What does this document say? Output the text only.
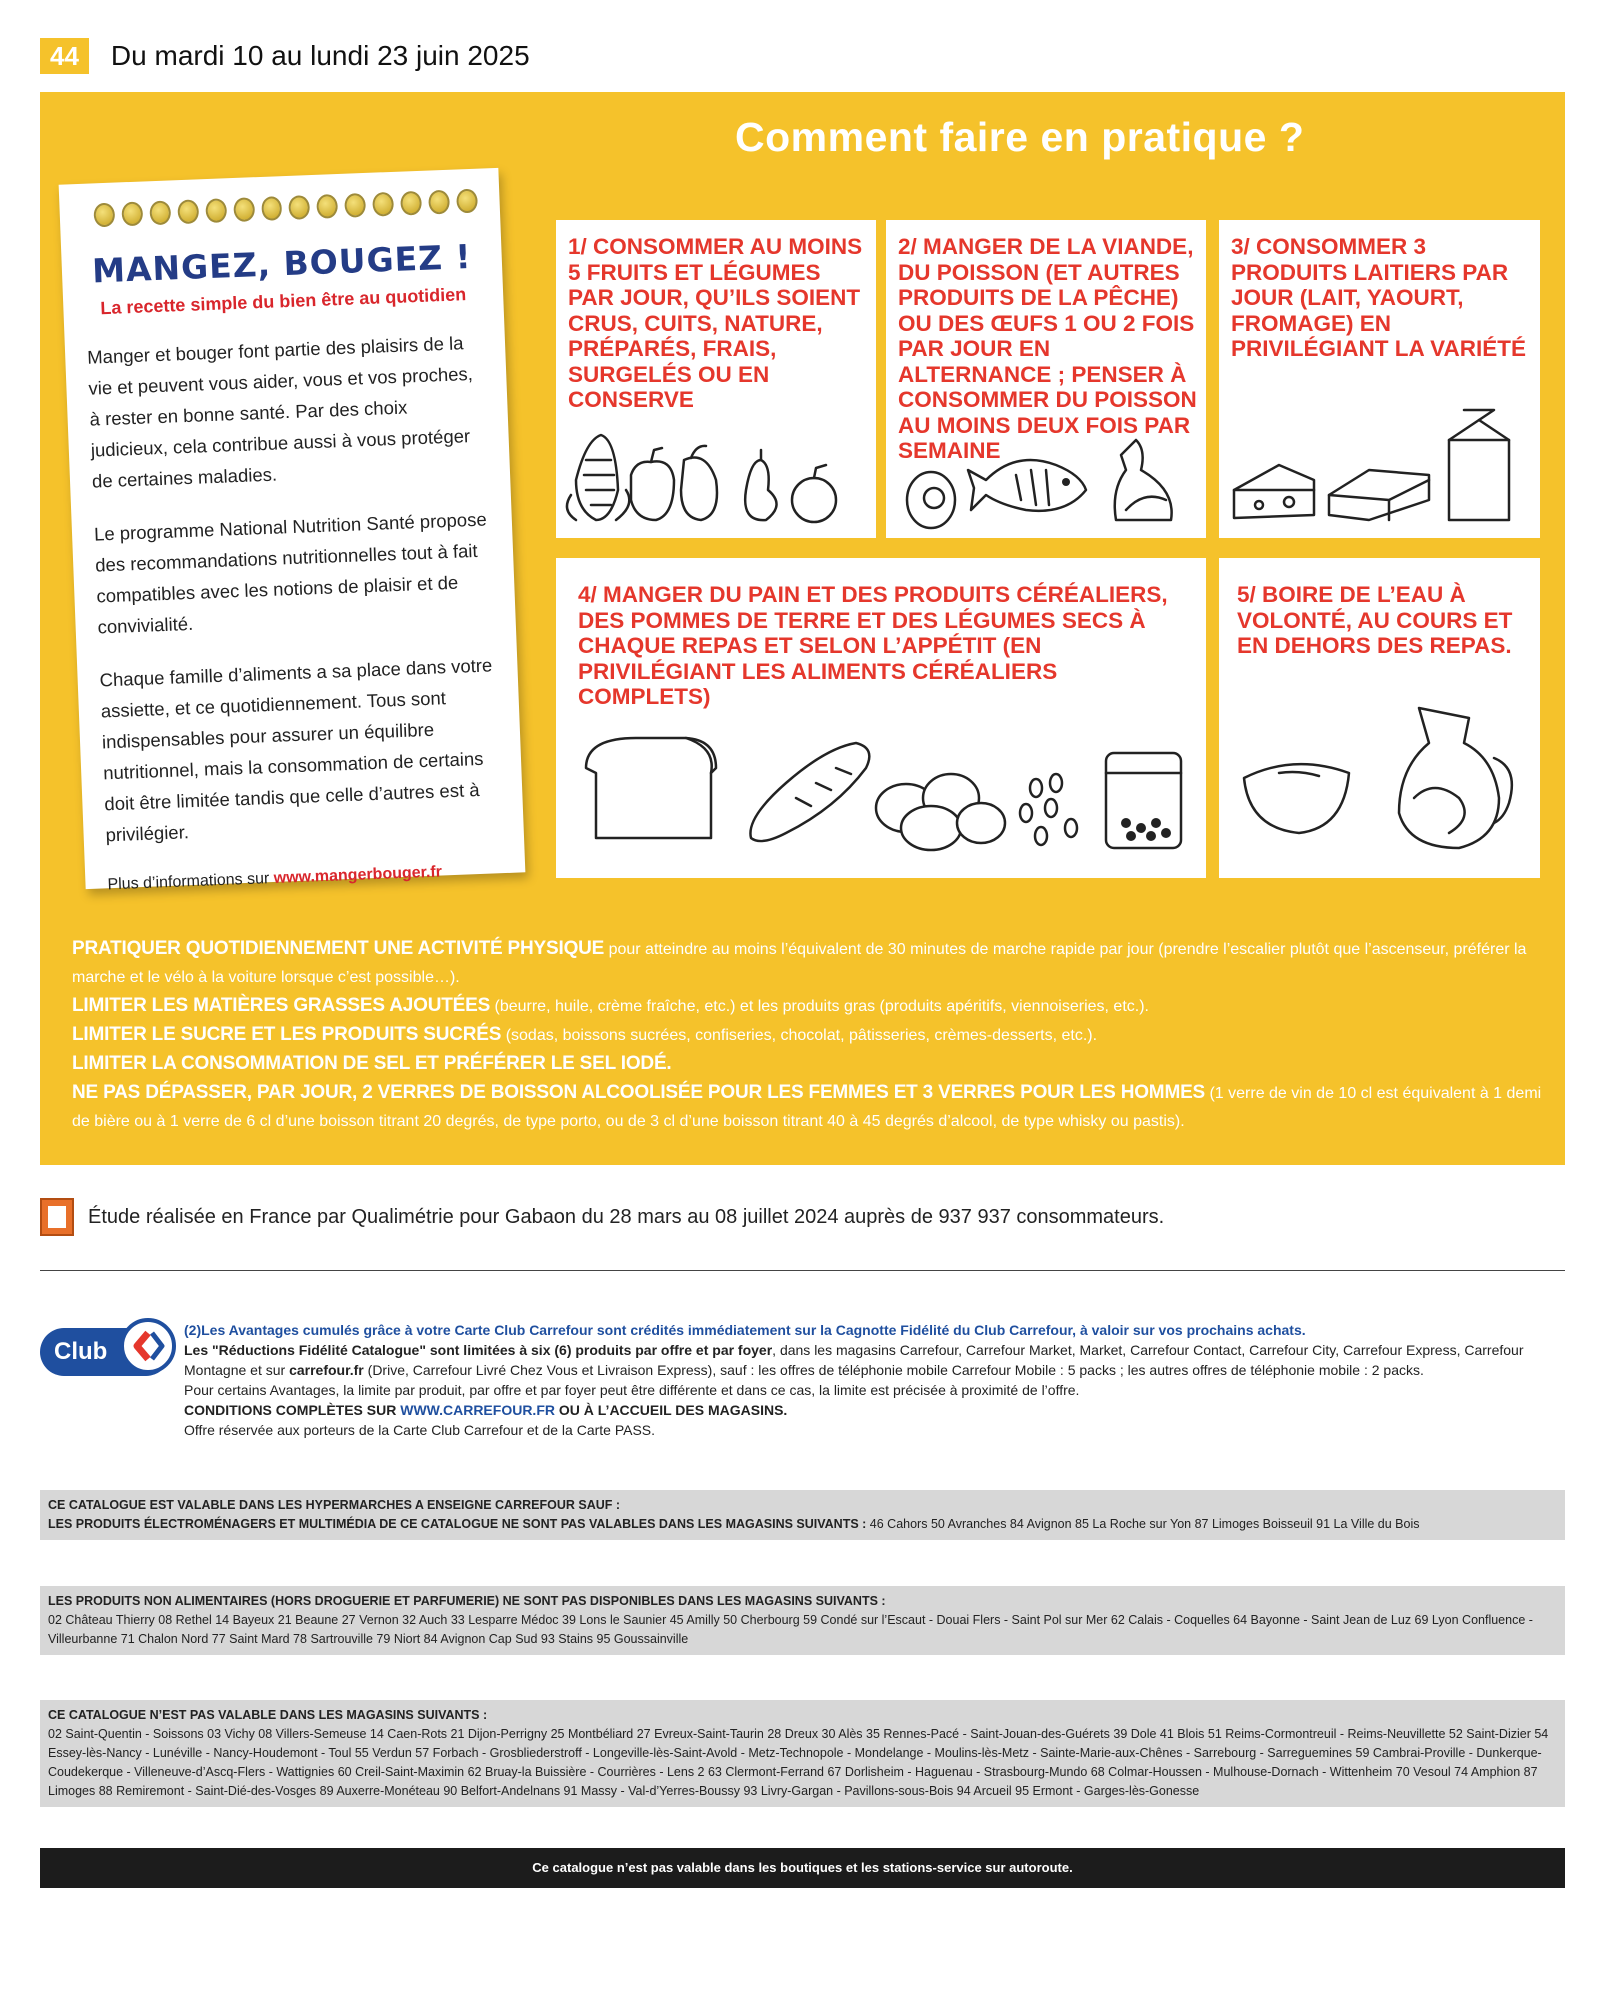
44	Du mardi 10 au lundi 23 juin 2025
Comment faire en pratique ?
MANGEZ, BOUGEZ !
La recette simple du bien être au quotidien

Manger et bouger font partie des plaisirs de la vie et peuvent vous aider, vous et vos proches, à rester en bonne santé. Par des choix judicieux, cela contribue aussi à vous protéger de certaines maladies.

Le programme National Nutrition Santé propose des recommandations nutritionnelles tout à fait compatibles avec les notions de plaisir et de convivialité.

Chaque famille d’aliments a sa place dans votre assiette, et ce quotidiennement. Tous sont indispensables pour assurer un équilibre nutritionnel, mais la consommation de certains doit être limitée tandis que celle d’autres est à privilégier.

Plus d’informations sur www.mangerbouger.fr

1/ CONSOMMER AU MOINS 5 FRUITS ET LÉGUMES PAR JOUR, QU’ILS SOIENT CRUS, CUITS, NATURE, PRÉPARÉS, FRAIS, SURGELÉS OU EN CONSERVE
2/ MANGER DE LA VIANDE, DU POISSON (ET AUTRES PRODUITS DE LA PÊCHE) OU DES ŒUFS 1 OU 2 FOIS PAR JOUR EN ALTERNANCE ; PENSER À CONSOMMER DU POISSON AU MOINS DEUX FOIS PAR SEMAINE
3/ CONSOMMER 3 PRODUITS LAITIERS PAR JOUR (LAIT, YAOURT, FROMAGE) EN PRIVILÉGIANT LA VARIÉTÉ
4/ MANGER DU PAIN ET DES PRODUITS CÉRÉALIERS, DES POMMES DE TERRE ET DES LÉGUMES SECS À CHAQUE REPAS ET SELON L’APPÉTIT (EN PRIVILÉGIANT LES ALIMENTS CÉRÉALIERS COMPLETS)
5/ BOIRE DE L’EAU À VOLONTÉ, AU COURS ET EN DEHORS DES REPAS.

PRATIQUER QUOTIDIENNEMENT UNE ACTIVITÉ PHYSIQUE pour atteindre au moins l’équivalent de 30 minutes de marche rapide par jour (prendre l’escalier plutôt que l’ascenseur, préférer la marche et le vélo à la voiture lorsque c’est possible…).

LIMITER LES MATIÈRES GRASSES AJOUTÉES (beurre, huile, crème fraîche, etc.) et les produits gras (produits apéritifs, viennoiseries, etc.).

LIMITER LE SUCRE ET LES PRODUITS SUCRÉS (sodas, boissons sucrées, confiseries, chocolat, pâtisseries, crèmes-desserts, etc.).

LIMITER LA CONSOMMATION DE SEL ET PRÉFÉRER LE SEL IODÉ.

NE PAS DÉPASSER, PAR JOUR, 2 VERRES DE BOISSON ALCOOLISÉE POUR LES FEMMES ET 3 VERRES POUR LES HOMMES (1 verre de vin de 10 cl est équivalent à 1 demi de bière ou à 1 verre de 6 cl d’une boisson titrant 20 degrés, de type porto, ou de 3 cl d’une boisson titrant 40 à 45 degrés d’alcool, de type whisky ou pastis).

Étude réalisée en France par Qualimétrie pour Gabaon du 28 mars au 08 juillet 2024 auprès de 937 937 consommateurs.
Club

(2)Les Avantages cumulés grâce à votre Carte Club Carrefour sont crédités immédiatement sur la Cagnotte Fidélité du Club Carrefour, à valoir sur vos prochains achats.

Les "Réductions Fidélité Catalogue" sont limitées à six (6) produits par offre et par foyer, dans les magasins Carrefour, Carrefour Market, Market, Carrefour Contact, Carrefour City, Carrefour Express, Carrefour Montagne et sur carrefour.fr (Drive, Carrefour Livré Chez Vous et Livraison Express), sauf : les offres de téléphonie mobile Carrefour Mobile : 5 packs ; les autres offres de téléphonie mobile : 2 packs.

Pour certains Avantages, la limite par produit, par offre et par foyer peut être différente et dans ce cas, la limite est précisée à proximité de l’offre.

CONDITIONS COMPLÈTES SUR WWW.CARREFOUR.FR OU À L’ACCUEIL DES MAGASINS.

Offre réservée aux porteurs de la Carte Club Carrefour et de la Carte PASS.

CE CATALOGUE EST VALABLE DANS LES HYPERMARCHES A ENSEIGNE CARREFOUR SAUF :

LES PRODUITS ÉLECTROMÉNAGERS ET MULTIMÉDIA DE CE CATALOGUE NE SONT PAS VALABLES DANS LES MAGASINS SUIVANTS : 46 Cahors 50 Avranches 84 Avignon 85 La Roche sur Yon 87 Limoges Boisseuil 91 La Ville du Bois

LES PRODUITS NON ALIMENTAIRES (HORS DROGUERIE ET PARFUMERIE) NE SONT PAS DISPONIBLES DANS LES MAGASINS SUIVANTS :

02 Château Thierry 08 Rethel 14 Bayeux 21 Beaune 27 Vernon 32 Auch 33 Lesparre Médoc 39 Lons le Saunier 45 Amilly 50 Cherbourg 59 Condé sur l’Escaut - Douai Flers - Saint Pol sur Mer 62 Calais - Coquelles 64 Bayonne - Saint Jean de Luz 69 Lyon Confluence - Villeurbanne 71 Chalon Nord 77 Saint Mard 78 Sartrouville 79 Niort 84 Avignon Cap Sud 93 Stains 95 Goussainville

CE CATALOGUE N’EST PAS VALABLE DANS LES MAGASINS SUIVANTS :

02 Saint-Quentin - Soissons 03 Vichy 08 Villers-Semeuse 14 Caen-Rots 21 Dijon-Perrigny 25 Montbéliard 27 Evreux-Saint-Taurin 28 Dreux 30 Alès 35 Rennes-Pacé - Saint-Jouan-des-Guérets 39 Dole 41 Blois 51 Reims-Cormontreuil - Reims-Neuvillette 52 Saint-Dizier 54 Essey-lès-Nancy - Lunéville - Nancy-Houdemont - Toul 55 Verdun 57 Forbach - Grosbliederstroff - Longeville-lès-Saint-Avold - Metz-Technopole - Mondelange - Moulins-lès-Metz - Sainte-Marie-aux-Chênes - Sarrebourg - Sarreguemines 59 Cambrai-Proville - Dunkerque-Coudekerque - Villeneuve-d’Ascq-Flers - Wattignies 60 Creil-Saint-Maximin 62 Bruay-la Buissière - Courrières - Lens 2 63 Clermont-Ferrand 67 Dorlisheim - Haguenau - Strasbourg-Mundo 68 Colmar-Houssen - Mulhouse-Dornach - Wittenheim 70 Vesoul 74 Amphion 87 Limoges 88 Remiremont - Saint-Dié-des-Vosges 89 Auxerre-Monéteau 90 Belfort-Andelnans 91 Massy - Val-d’Yerres-Boussy 93 Livry-Gargan - Pavillons-sous-Bois 94 Arcueil 95 Ermont - Garges-lès-Gonesse

Ce catalogue n’est pas valable dans les boutiques et les stations-service sur autoroute.
